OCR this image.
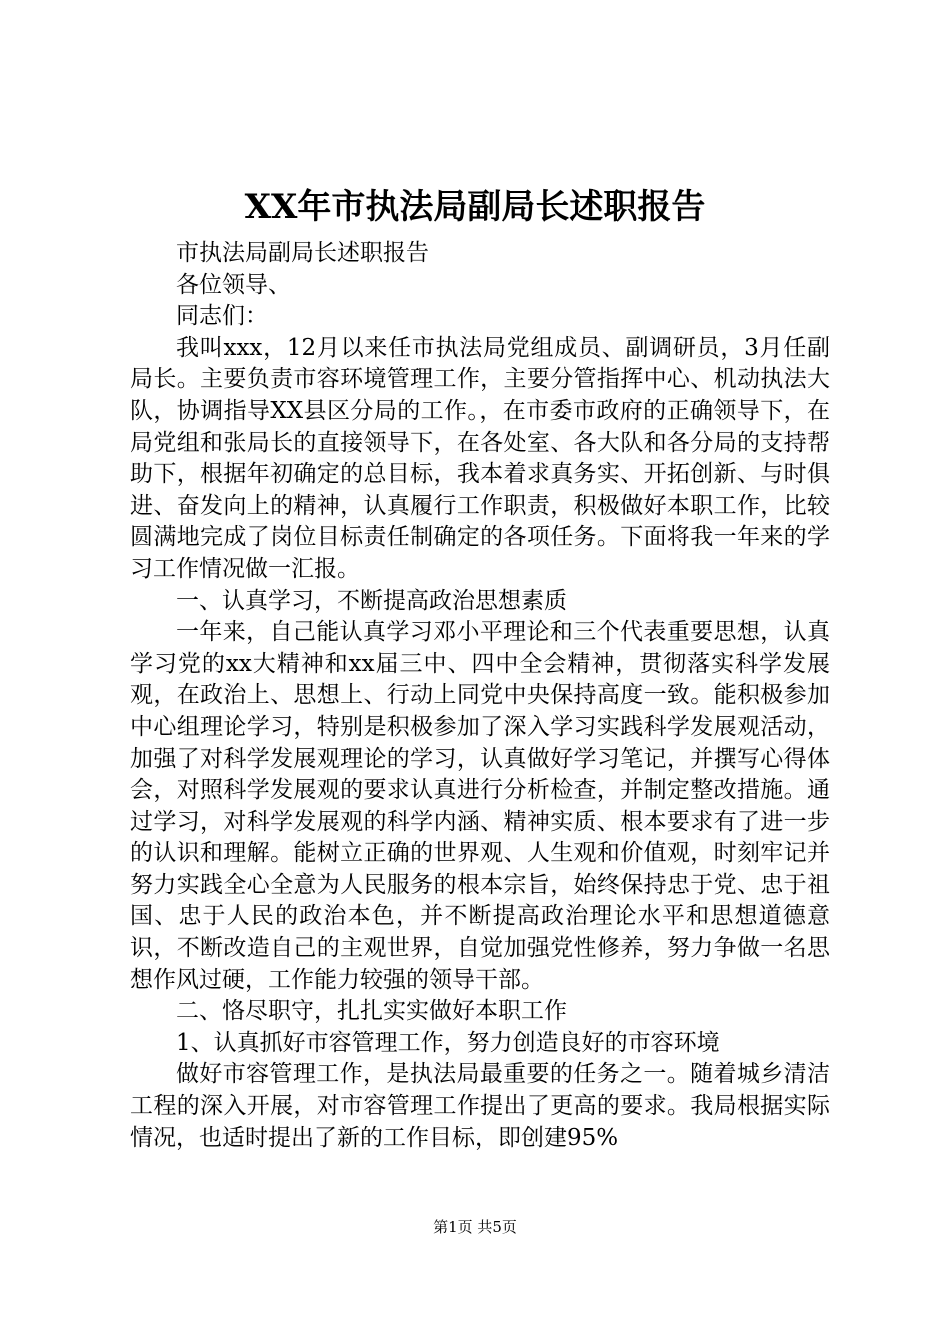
XX年市执法局副局长述职报告

市执法局副局长述职报告

各位领导、

同志们：

我叫xxx，12月以来任市执法局党组成员、副调研员，3月任副局长。主要负责市容环境管理工作，主要分管指挥中心、机动执法大队，协调指导XX县区分局的工作。，在市委市政府的正确领导下，在局党组和张局长的直接领导下，在各处室、各大队和各分局的支持帮助下，根据年初确定的总目标，我本着求真务实、开拓创新、与时俱进、奋发向上的精神，认真履行工作职责，积极做好本职工作，比较圆满地完成了岗位目标责任制确定的各项任务。下面将我一年来的学习工作情况做一汇报。

一、认真学习，不断提高政治思想素质

一年来，自己能认真学习邓小平理论和三个代表重要思想，认真学习党的xx大精神和xx届三中、四中全会精神，贯彻落实科学发展观，在政治上、思想上、行动上同党中央保持高度一致。能积极参加中心组理论学习，特别是积极参加了深入学习实践科学发展观活动，加强了对科学发展观理论的学习，认真做好学习笔记，并撰写心得体会，对照科学发展观的要求认真进行分析检查，并制定整改措施。通过学习，对科学发展观的科学内涵、精神实质、根本要求有了进一步的认识和理解。能树立正确的世界观、人生观和价值观，时刻牢记并努力实践全心全意为人民服务的根本宗旨，始终保持忠于党、忠于祖国、忠于人民的政治本色，并不断提高政治理论水平和思想道德意识，不断改造自己的主观世界，自觉加强党性修养，努力争做一名思想作风过硬，工作能力较强的领导干部。

二、恪尽职守，扎扎实实做好本职工作

1、认真抓好市容管理工作，努力创造良好的市容环境

做好市容管理工作，是执法局最重要的任务之一。随着城乡清洁工程的深入开展，对市容管理工作提出了更高的要求。我局根据实际情况，也适时提出了新的工作目标，即创建95%

第1页 共5页
